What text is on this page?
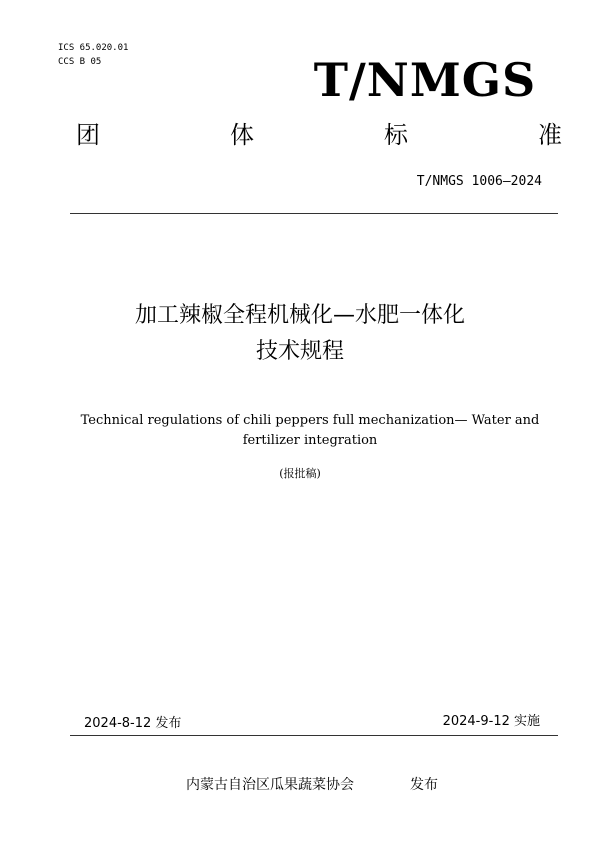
ICS 65.020.01
CCS B 05	T/NMGS
团	体	标	准
T/NMGS 1006—2024
加工辣椒全程机械化—水肥一体化
技术规程
Technical regulations of chili peppers full mechanization— Water and
fertilizer integration
(报批稿)
2024-8-12 发布	2024-9-12 实施
内蒙古自治区瓜果蔬菜协会	发布
